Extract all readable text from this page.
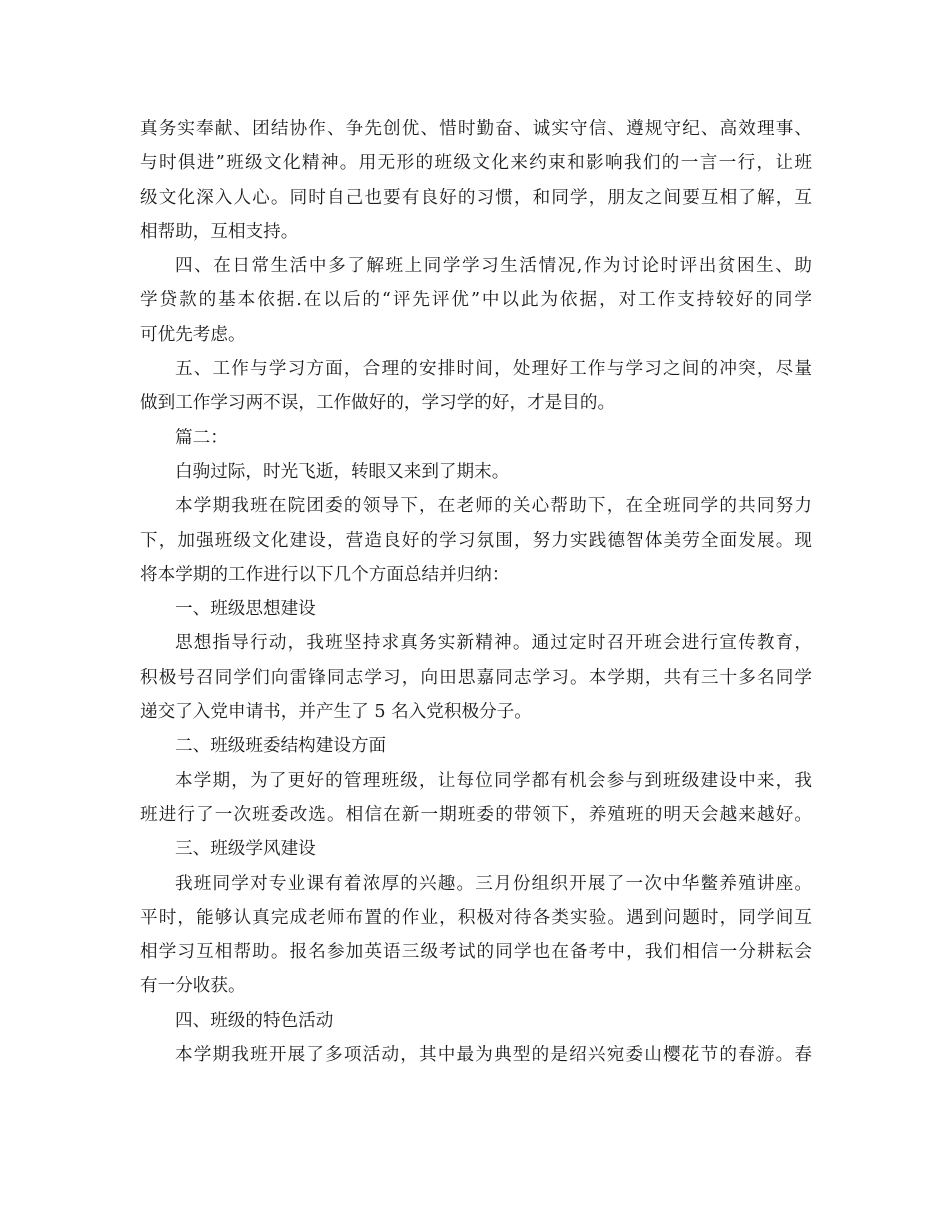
真务实奉献、团结协作、争先创优、惜时勤奋、诚实守信、遵规守纪、高效理事、
与时俱进”班级文化精神。用无形的班级文化来约束和影响我们的一言一行，让班
级文化深入人心。同时自己也要有良好的习惯，和同学，朋友之间要互相了解，互
相帮助，互相支持。
四、在日常生活中多了解班上同学学习生活情况,作为讨论时评出贫困生、助
学贷款的基本依据.在以后的“评先评优”中以此为依据，对工作支持较好的同学
可优先考虑。
五、工作与学习方面，合理的安排时间，处理好工作与学习之间的冲突，尽量
做到工作学习两不误，工作做好的，学习学的好，才是目的。
篇二：
白驹过际，时光飞逝，转眼又来到了期末。
本学期我班在院团委的领导下，在老师的关心帮助下，在全班同学的共同努力
下，加强班级文化建设，营造良好的学习氛围，努力实践德智体美劳全面发展。现
将本学期的工作进行以下几个方面总结并归纳：
一、班级思想建设
思想指导行动，我班坚持求真务实新精神。通过定时召开班会进行宣传教育，
积极号召同学们向雷锋同志学习，向田思嘉同志学习。本学期，共有三十多名同学
递交了入党申请书，并产生了 5 名入党积极分子。
二、班级班委结构建设方面
本学期，为了更好的管理班级，让每位同学都有机会参与到班级建设中来，我
班进行了一次班委改选。相信在新一期班委的带领下，养殖班的明天会越来越好。
三、班级学风建设
我班同学对专业课有着浓厚的兴趣。三月份组织开展了一次中华鳖养殖讲座。
平时，能够认真完成老师布置的作业，积极对待各类实验。遇到问题时，同学间互
相学习互相帮助。报名参加英语三级考试的同学也在备考中，我们相信一分耕耘会
有一分收获。
四、班级的特色活动
本学期我班开展了多项活动，其中最为典型的是绍兴宛委山樱花节的春游。春
